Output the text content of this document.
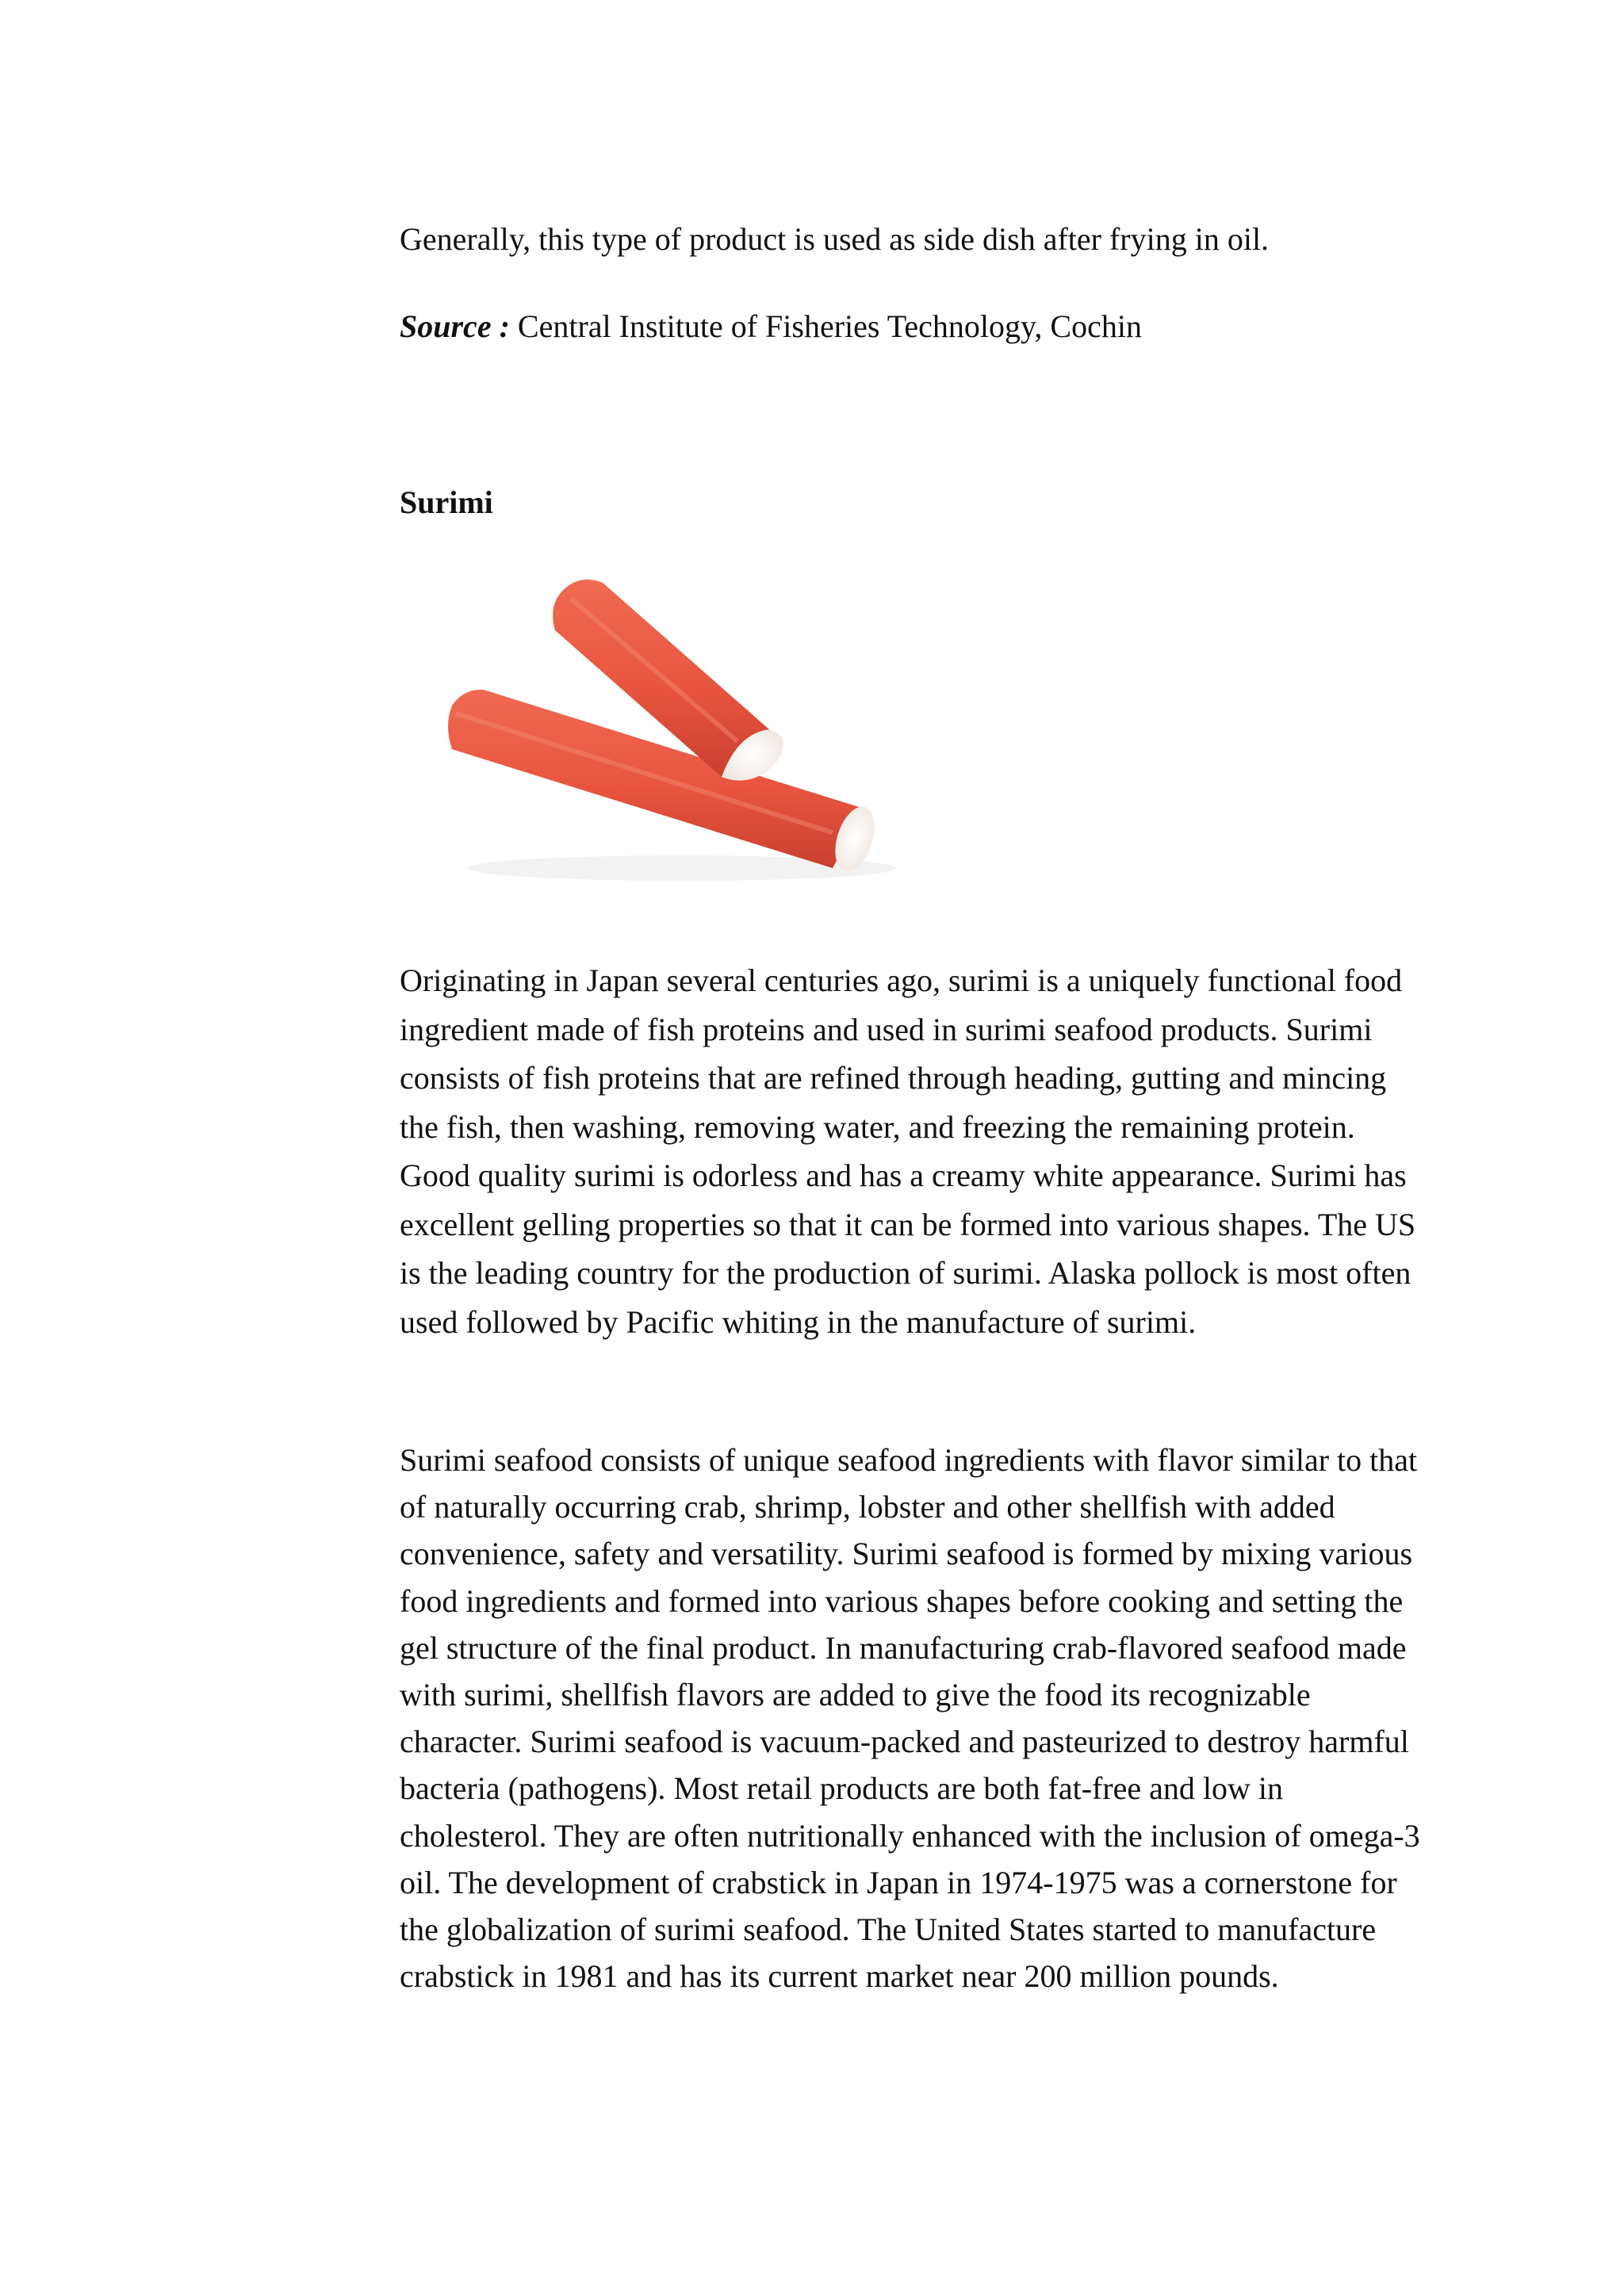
Generally, this type of product is used as side dish after frying in oil.

Source : Central Institute of Fisheries Technology, Cochin

Surimi

Originating in Japan several centuries ago, surimi is a uniquely functional food ingredient made of fish proteins and used in surimi seafood products. Surimi consists of fish proteins that are refined through heading, gutting and mincing the fish, then washing, removing water, and freezing the remaining protein. Good quality surimi is odorless and has a creamy white appearance. Surimi has excellent gelling properties so that it can be formed into various shapes. The US is the leading country for the production of surimi. Alaska pollock is most often used followed by Pacific whiting in the manufacture of surimi.

Surimi seafood consists of unique seafood ingredients with flavor similar to that of naturally occurring crab, shrimp, lobster and other shellfish with added convenience, safety and versatility. Surimi seafood is formed by mixing various food ingredients and formed into various shapes before cooking and setting the gel structure of the final product. In manufacturing crab-flavored seafood made with surimi, shellfish flavors are added to give the food its recognizable character. Surimi seafood is vacuum-packed and pasteurized to destroy harmful bacteria (pathogens). Most retail products are both fat-free and low in cholesterol. They are often nutritionally enhanced with the inclusion of omega-3 oil. The development of crabstick in Japan in 1974-1975 was a cornerstone for the globalization of surimi seafood. The United States started to manufacture crabstick in 1981 and has its current market near 200 million pounds.
